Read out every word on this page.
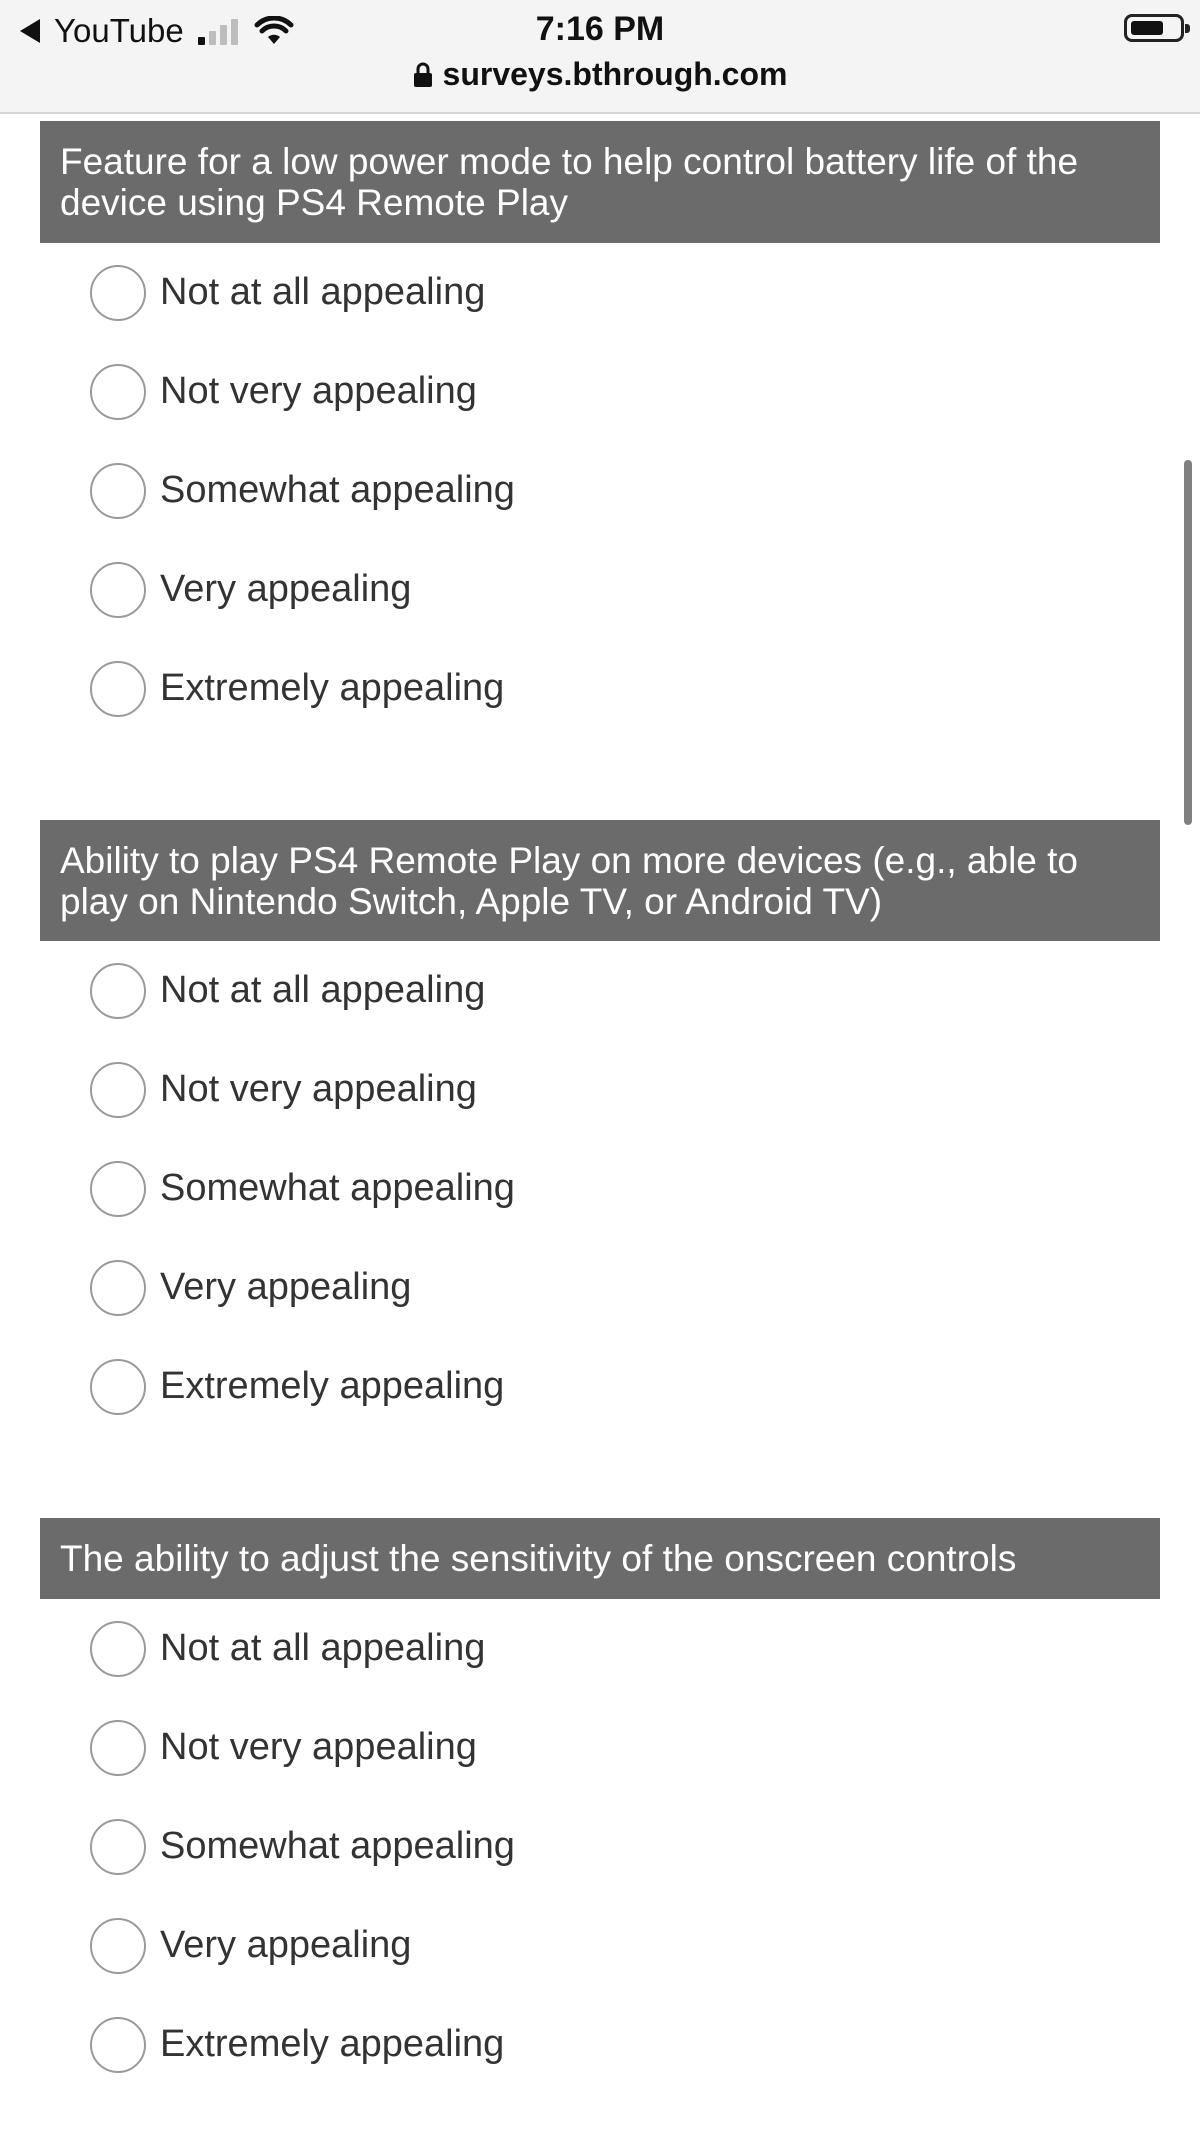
YouTube	7:16 PM
surveys.bthrough.com
Feature for a low power mode to help control battery life of the device using PS4 Remote Play
Not at all appealing
Not very appealing
Somewhat appealing
Very appealing
Extremely appealing
Ability to play PS4 Remote Play on more devices (e.g., able to play on Nintendo Switch, Apple TV, or Android TV)
Not at all appealing
Not very appealing
Somewhat appealing
Very appealing
Extremely appealing
The ability to adjust the sensitivity of the onscreen controls
Not at all appealing
Not very appealing
Somewhat appealing
Very appealing
Extremely appealing
